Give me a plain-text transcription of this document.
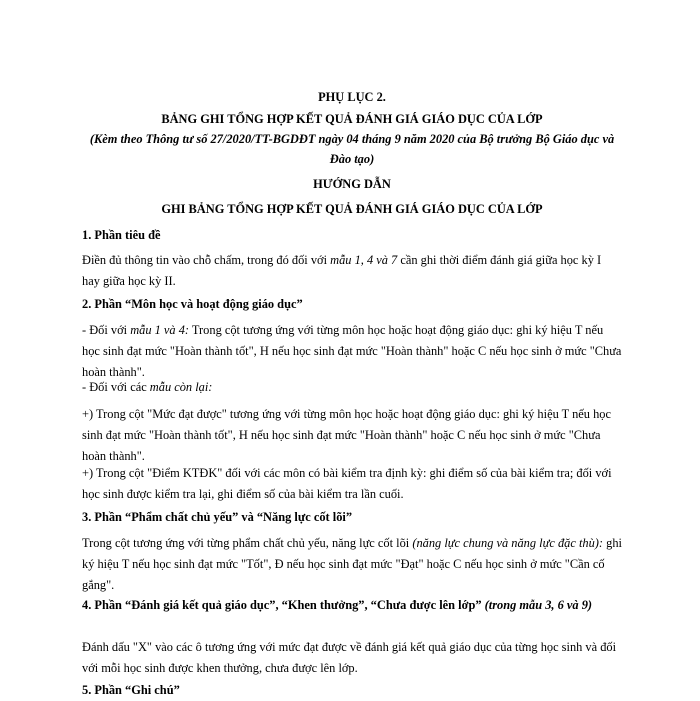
PHỤ LỤC 2.

BẢNG GHI TỔNG HỢP KẾT QUẢ ĐÁNH GIÁ GIÁO DỤC CỦA LỚP

(Kèm theo Thông tư số 27/2020/TT-BGDĐT ngày 04 tháng 9 năm 2020 của Bộ trưởng Bộ Giáo dục và Đào tạo)

HƯỚNG DẪN

GHI BẢNG TỔNG HỢP KẾT QUẢ ĐÁNH GIÁ GIÁO DỤC CỦA LỚP

1. Phần tiêu đề

Điền đủ thông tin vào chỗ chấm, trong đó đối với mẫu 1, 4 và 7 cần ghi thời điểm đánh giá giữa học kỳ I hay giữa học kỳ II.

2. Phần “Môn học và hoạt động giáo dục”

- Đối với mẫu 1 và 4: Trong cột tương ứng với từng môn học hoặc hoạt động giáo dục: ghi ký hiệu T nếu học sinh đạt mức "Hoàn thành tốt", H nếu học sinh đạt mức "Hoàn thành" hoặc C nếu học sinh ở mức "Chưa hoàn thành".

- Đối với các mẫu còn lại:

+) Trong cột "Mức đạt được" tương ứng với từng môn học hoặc hoạt động giáo dục: ghi ký hiệu T nếu học sinh đạt mức "Hoàn thành tốt", H nếu học sinh đạt mức "Hoàn thành" hoặc C nếu học sinh ở mức "Chưa hoàn thành".

+) Trong cột "Điểm KTĐK" đối với các môn có bài kiểm tra định kỳ: ghi điểm số của bài kiểm tra; đối với học sinh được kiểm tra lại, ghi điểm số của bài kiểm tra lần cuối.

3. Phần “Phẩm chất chủ yếu” và “Năng lực cốt lõi”

Trong cột tương ứng với từng phẩm chất chủ yếu, năng lực cốt lõi (năng lực chung và năng lực đặc thù): ghi ký hiệu T nếu học sinh đạt mức "Tốt", Đ nếu học sinh đạt mức "Đạt" hoặc C nếu học sinh ở mức "Cần cố gắng".

4. Phần “Đánh giá kết quả giáo dục”, “Khen thưởng”, “Chưa được lên lớp” (trong mẫu 3, 6 và 9)

Đánh dấu "X" vào các ô tương ứng với mức đạt được về đánh giá kết quả giáo dục của từng học sinh và đối với mỗi học sinh được khen thưởng, chưa được lên lớp.

5. Phần “Ghi chú”
